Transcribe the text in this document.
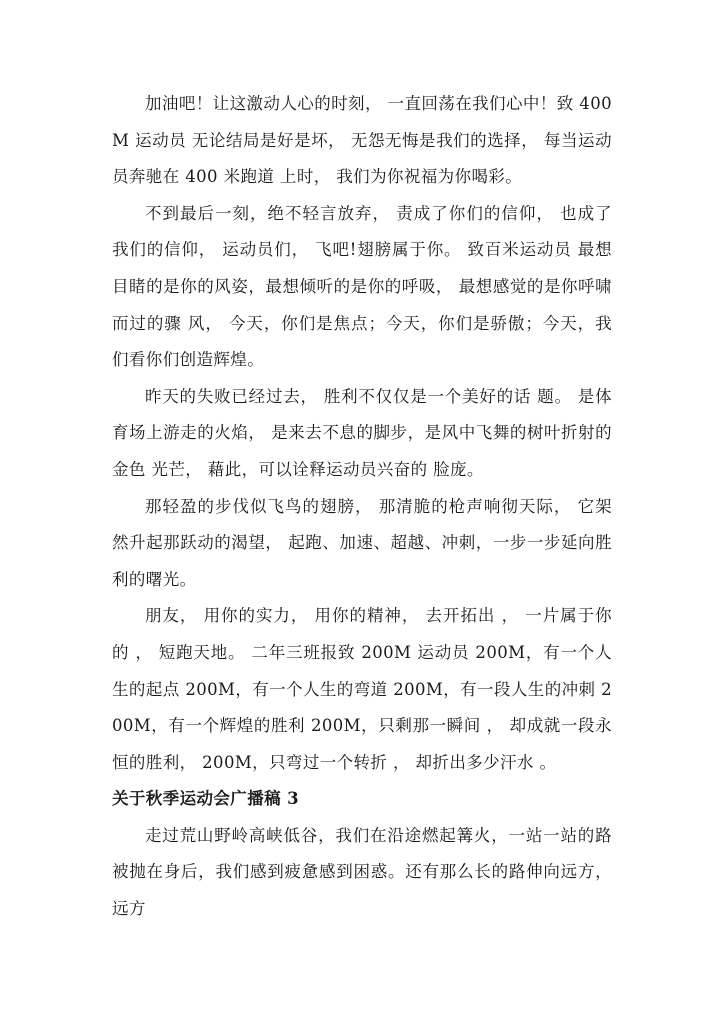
加油吧！让这激动人心的时刻， 一直回荡在我们心中！致 400M 运动员 无论结局是好是坏， 无怨无悔是我们的选择， 每当运动员奔驰在 400 米跑道 上时， 我们为你祝福为你喝彩。

不到最后一刻，绝不轻言放弃， 责成了你们的信仰， 也成了我们的信仰， 运动员们， 飞吧!翅膀属于你。 致百米运动员 最想目睹的是你的风姿，最想倾听的是你的呼吸， 最想感觉的是你呼啸而过的骤 风， 今天，你们是焦点；今天，你们是骄傲；今天，我们看你们创造辉煌。

昨天的失败已经过去， 胜利不仅仅是一个美好的话 题。 是体育场上游走的火焰， 是来去不息的脚步，是风中飞舞的树叶折射的金色 光芒， 藉此，可以诠释运动员兴奋的 脸庞。

那轻盈的步伐似飞鸟的翅膀， 那清脆的枪声响彻天际， 它架然升起那跃动的渴望， 起跑、加速、超越、冲刺，一步一步延向胜利的曙光。

朋友， 用你的实力， 用你的精神， 去开拓出 ， 一片属于你的 ， 短跑天地。 二年三班报致 200M 运动员 200M，有一个人生的起点 200M，有一个人生的弯道 200M，有一段人生的冲刺 200M，有一个辉煌的胜利 200M，只剩那一瞬间 ， 却成就一段永恒的胜利， 200M，只弯过一个转折 ， 却折出多少汗水 。

关于秋季运动会广播稿 3

走过荒山野岭高峡低谷，我们在沿途燃起篝火，一站一站的路被抛在身后，我们感到疲惫感到困惑。还有那么长的路伸向远方，远方
